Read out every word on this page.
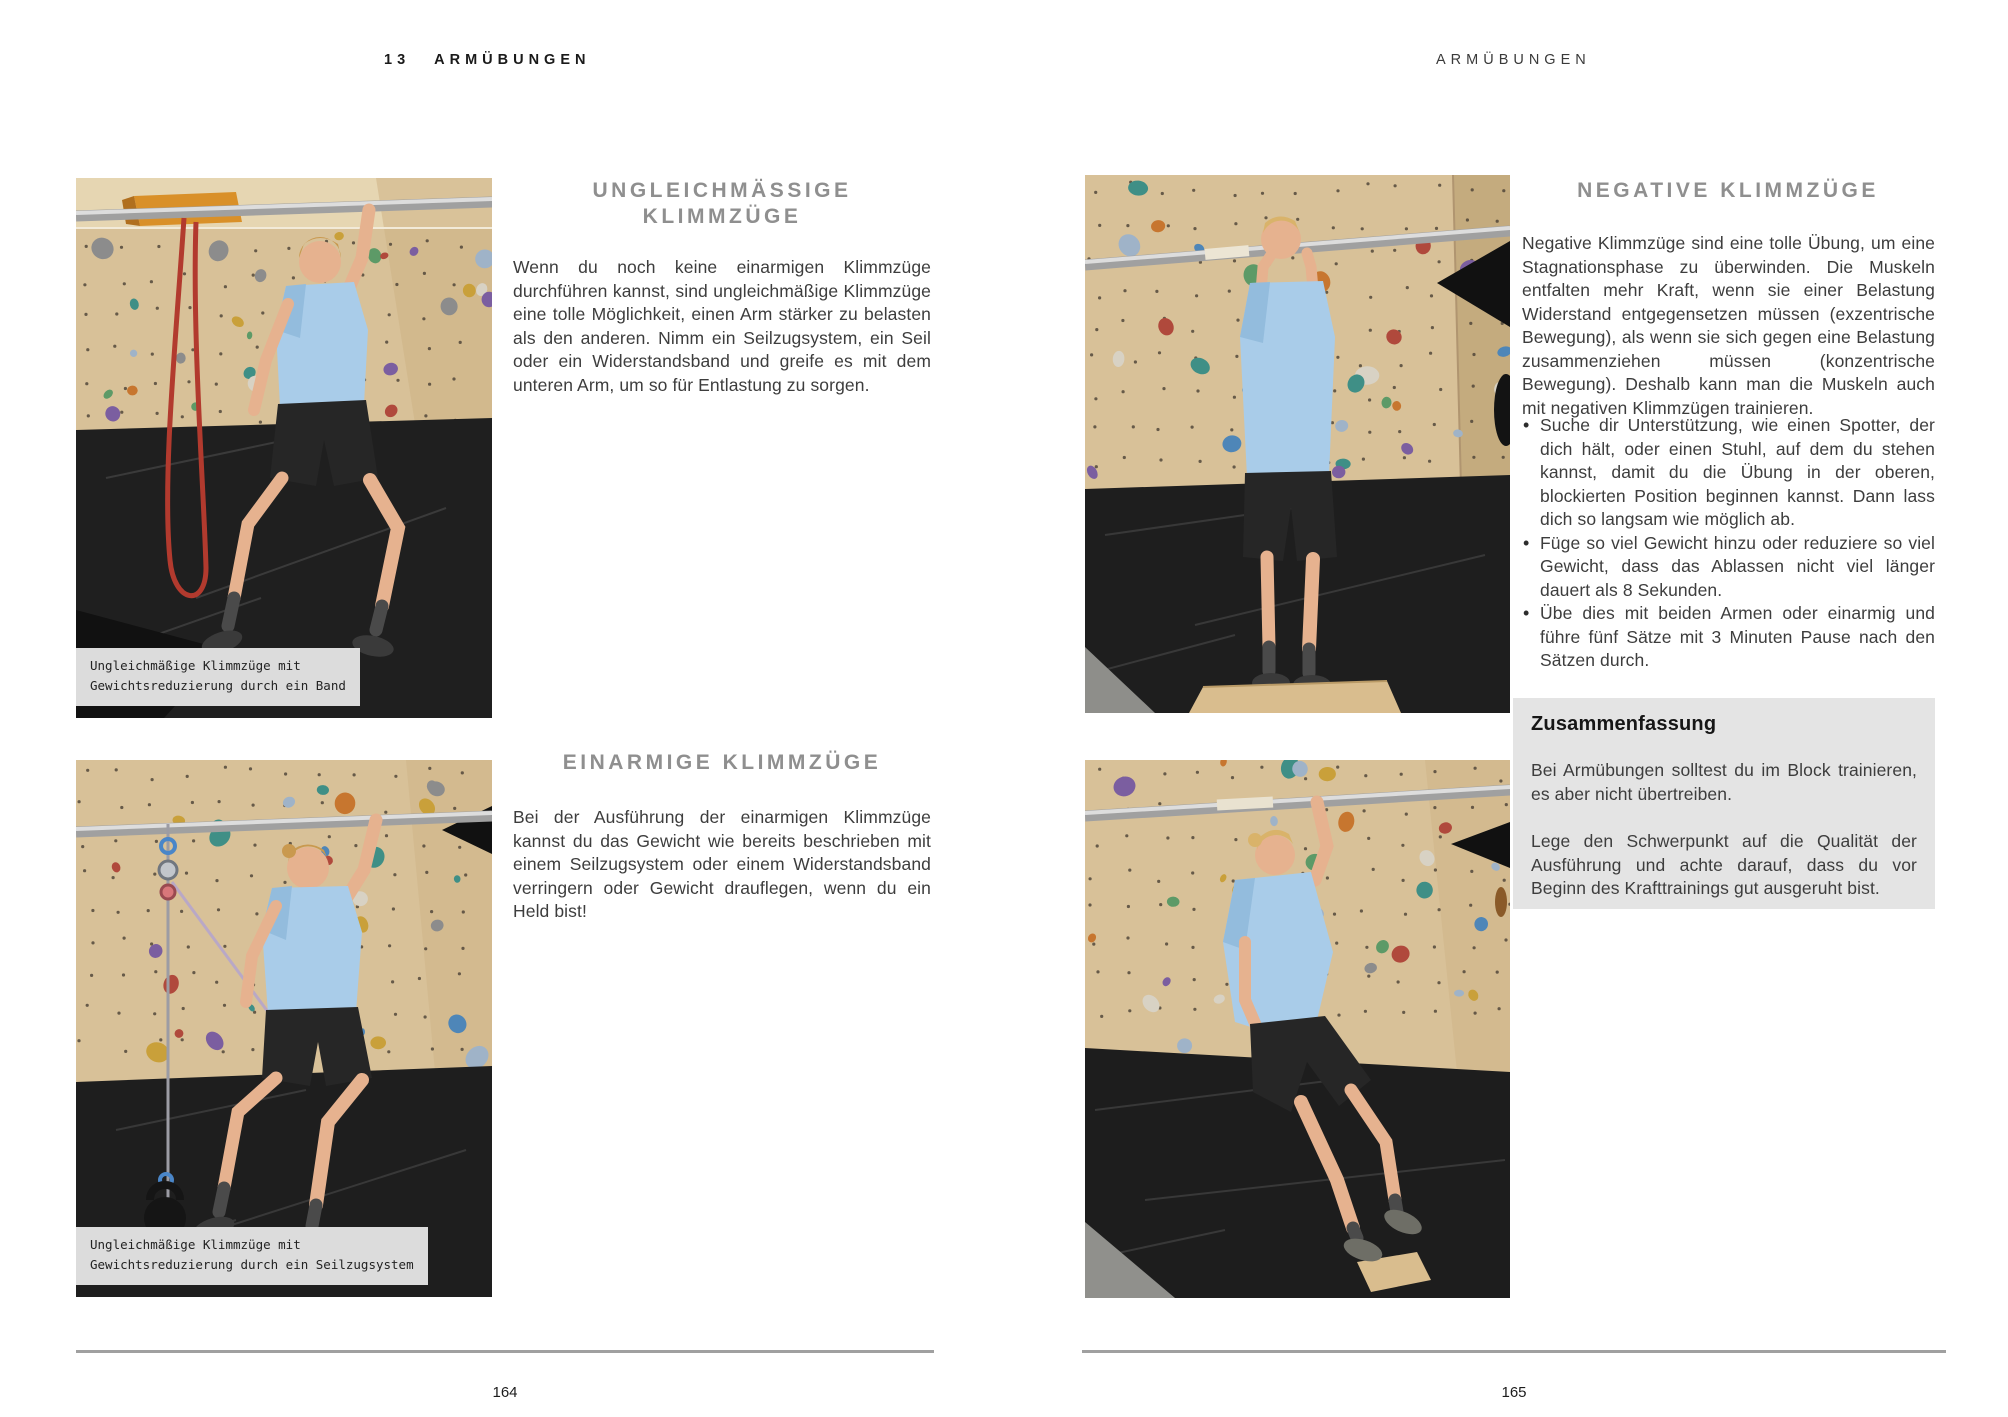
13 ARMÜBUNGEN
Ungleichmäßige Klimmzüge mit
Gewichtsreduzierung durch ein Band
UNGLEICHMÄSSIGE KLIMMZÜGE

Wenn du noch keine einarmigen Klimmzüge durchführen kannst, sind ungleichmäßige Klimmzüge eine tolle Möglichkeit, einen Arm stärker zu belasten als den anderen. Nimm ein Seilzugsystem, ein Seil oder ein Widerstandsband und greife es mit dem unteren Arm, um so für Entlastung zu sorgen.

Ungleichmäßige Klimmzüge mit
Gewichtsreduzierung durch ein Seilzugsystem
EINARMIGE KLIMMZÜGE

Bei der Ausführung der einarmigen Klimmzüge kannst du das Gewicht wie bereits beschrieben mit einem Seilzugsystem oder einem Widerstandsband verringern oder Gewicht drauflegen, wenn du ein Held bist!

164
ARMÜBUNGEN
NEGATIVE KLIMMZÜGE

Negative Klimmzüge sind eine tolle Übung, um eine Stagnationsphase zu überwinden. Die Muskeln entfalten mehr Kraft, wenn sie einer Belastung Widerstand entgegensetzen müssen (exzentrische Bewegung), als wenn sie sich gegen eine Belastung zusammenziehen müssen (konzentrische Bewegung). Deshalb kann man die Muskeln auch mit negativen Klimmzügen trainieren.

• Suche dir Unterstützung, wie einen Spotter, der dich hält, oder einen Stuhl, auf dem du stehen kannst, damit du die Übung in der oberen, blockierten Position beginnen kannst. Dann lass dich so langsam wie möglich ab.
• Füge so viel Gewicht hinzu oder reduziere so viel Gewicht, dass das Ablassen nicht viel länger dauert als 8 Sekunden.
• Übe dies mit beiden Armen oder einarmig und führe fünf Sätze mit 3 Minuten Pause nach den Sätzen durch.
Zusammenfassung

Bei Armübungen solltest du im Block trainieren, es aber nicht übertreiben.

Lege den Schwerpunkt auf die Qualität der Ausführung und achte darauf, dass du vor Beginn des Krafttrainings gut ausgeruht bist.

165
